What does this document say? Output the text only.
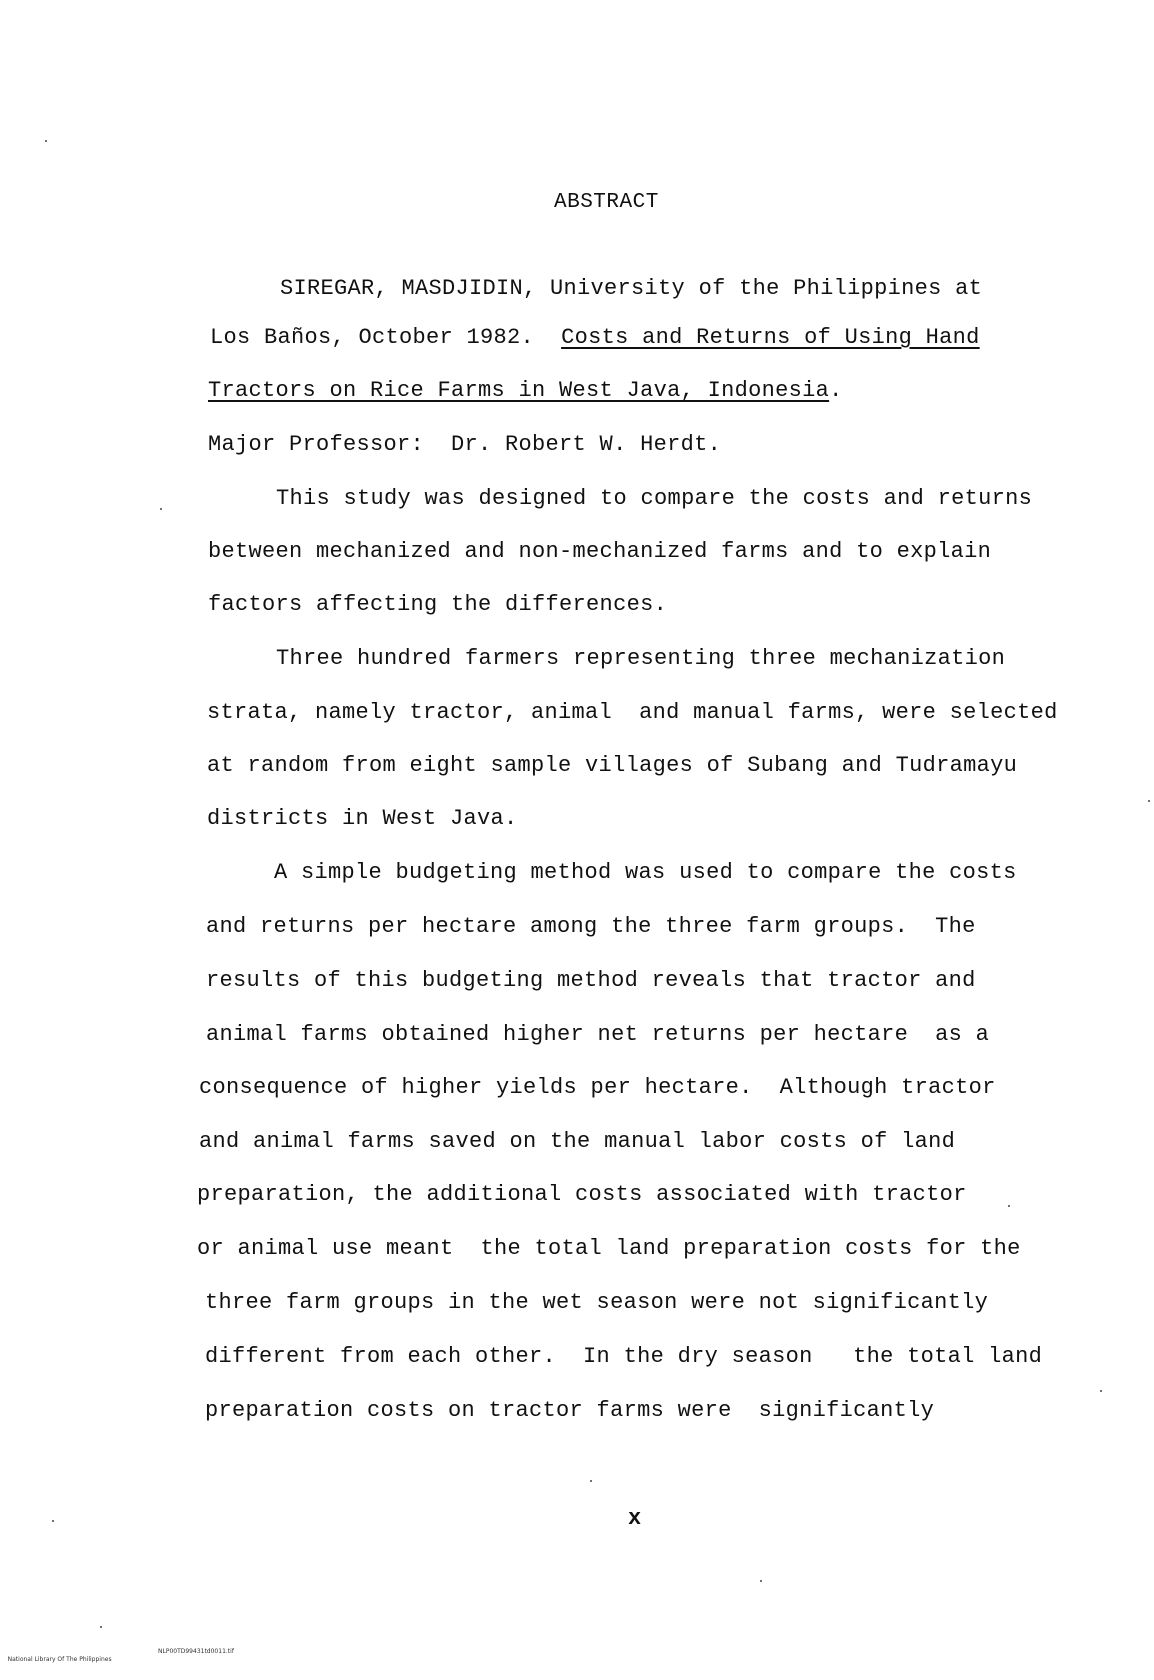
ABSTRACT
SIREGAR, MASDJIDIN, University of the Philippines at
Los Baños, October 1982. Costs and Returns of Using Hand
Tractors on Rice Farms in West Java, Indonesia.
Major Professor:  Dr. Robert W. Herdt.
This study was designed to compare the costs and returns
between mechanized and non-mechanized farms and to explain
factors affecting the differences.
Three hundred farmers representing three mechanization
strata, namely tractor, animal  and manual farms, were selected
at random from eight sample villages of Subang and Tudramayu
districts in West Java.
A simple budgeting method was used to compare the costs
and returns per hectare among the three farm groups.  The
results of this budgeting method reveals that tractor and
animal farms obtained higher net returns per hectare  as a
consequence of higher yields per hectare.  Although tractor
and animal farms saved on the manual labor costs of land
preparation, the additional costs associated with tractor
or animal use meant  the total land preparation costs for the
three farm groups in the wet season were not significantly
different from each other.  In the dry season   the total land
preparation costs on tractor farms were  significantly
x

National Library Of The Philippines

NLP00TD99431td0011.tif
